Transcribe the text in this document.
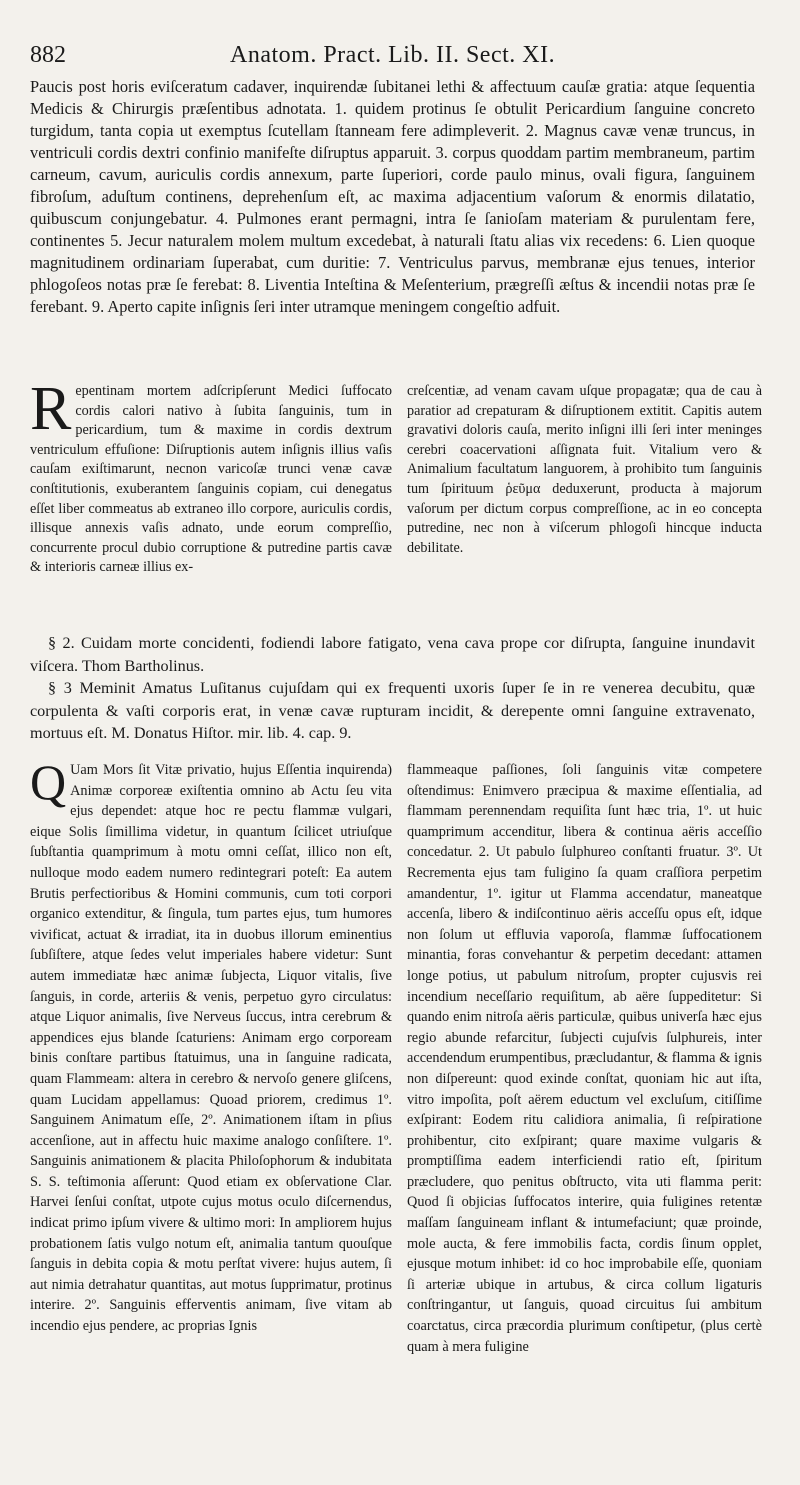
882	Anatom. Pract. Lib. II. Sect. XI.

Paucis post horis eviſceratum cadaver, inquirendæ ſubitanei lethi & affectuum cauſæ gratia: atque ſequentia Medicis & Chirurgis præſentibus adnotata. 1. quidem protinus ſe obtulit Pericardium ſanguine concreto turgidum, tanta copia ut exemptus ſcutellam ſtanneam fere adimpleverit. 2. Magnus cavæ venæ truncus, in ventriculi cordis dextri confinio manifeſte diſruptus apparuit. 3. corpus quoddam partim membraneum, partim carneum, cavum, auriculis cordis annexum, parte ſuperiori, corde paulo minus, ovali figura, ſanguinem fibroſum, aduſtum continens, deprehenſum eſt, ac maxima adjacentium vaſorum & enormis dilatatio, quibuscum conjungebatur. 4. Pulmones erant permagni, intra ſe ſanioſam materiam & purulentam fere, continentes 5. Jecur naturalem molem multum excedebat, à naturali ſtatu alias vix recedens: 6. Lien quoque magnitudinem ordinariam ſuperabat, cum duritie: 7. Ventriculus parvus, membranæ ejus tenues, interior phlogoſeos notas præ ſe ferebat: 8. Liventia Inteſtina & Meſenterium, prægreſſi æſtus & incendii notas præ ſe ferebant. 9. Aperto capite inſignis ſeri inter utramque meningem congeſtio adfuit.

Repentinam mortem adſcripſerunt Medici ſuffocato cordis calori nativo à ſubita ſanguinis, tum in pericardium, tum & maxime in cordis dextrum ventriculum effuſione: Diſruptionis autem inſignis illius vaſis cauſam exiſtimarunt, necnon varicoſæ trunci venæ cavæ conſtitutionis, exuberantem ſanguinis copiam, cui denegatus eſſet liber commeatus ab extraneo illo corpore, auriculis cordis, illisque annexis vaſis adnato, unde eorum compreſſio, concurrente procul dubio corruptione & putredine partis cavæ & interioris carneæ illius ex-
creſcentiæ, ad venam cavam uſque propagatæ; qua de cau à paratior ad crepaturam & diſruptionem extitit. Capitis autem gravativi doloris cauſa, merito inſigni illi ſeri inter meninges cerebri coacervationi aſſignata fuit. Vitalium vero & Animalium facultatum languorem, à prohibito tum ſanguinis tum ſpirituum ῥεῦμα deduxerunt, producta à majorum vaſorum per dictum corpus compreſſione, ac in eo concepta putredine, nec non à viſcerum phlogoſi hincque inducta debilitate.
§ 2. Cuidam morte concidenti, fodiendi labore fatigato, vena cava prope cor diſrupta, ſanguine inundavit viſcera. Thom Bartholinus.
§ 3 Meminit Amatus Luſitanus cujuſdam qui ex frequenti uxoris ſuper ſe in re venerea decubitu, quæ corpulenta & vaſti corporis erat, in venæ cavæ rupturam incidit, & derepente omni ſanguine extravenato, mortuus eſt. M. Donatus Hiſtor. mir. lib. 4. cap. 9.
Q Uam Mors ſit Vitæ privatio, hujus Eſſentia inquirenda) Animæ corporeæ exiſtentia omnino ab Actu ſeu vita ejus dependet: atque hoc re pectu flammæ vulgari, eique Solis ſimillima videtur, in quantum ſcilicet utriuſque ſubſtantia quamprimum à motu omni ceſſat, illico non eſt, nulloque modo eadem numero redintegrari poteſt: Ea autem Brutis perfectioribus & Homini communis, cum toti corpori organico extenditur, & ſingula, tum partes ejus, tum humores vivificat, actuat & irradiat, ita in duobus illorum eminentius ſubſiſtere, atque ſedes velut imperiales habere videtur: Sunt autem immediatæ hæc animæ ſubjecta, Liquor vitalis, ſive ſanguis, in corde, arteriis & venis, perpetuo gyro circulatus: atque Liquor animalis, ſive Nerveus ſuccus, intra cerebrum & appendices ejus blande ſcaturiens: Animam ergo corpoream binis conſtare partibus ſtatuimus, una in ſanguine radicata, quam Flammeam: altera in cerebro & nervoſo genere gliſcens, quam Lucidam appellamus: Quoad priorem, credimus 1º. Sanguinem Animatum eſſe, 2º. Animationem iſtam in pſius accenſione, aut in affectu huic maxime analogo conſiſtere. 1º. Sanguinis animationem & placita Philoſophorum & indubitata S. S. teſtimonia aſſerunt: Quod etiam ex obſervatione Clar. Harvei ſenſui conſtat, utpote cujus motus oculo diſcernendus, indicat primo ipſum vivere & ultimo mori: In ampliorem hujus probationem ſatis vulgo notum eſt, animalia tantum quouſque ſanguis in debita copia & motu perſtat vivere: hujus autem, ſi aut nimia detrahatur quantitas, aut motus ſupprimatur, protinus interire. 2º. Sanguinis efferventis animam, ſive vitam ab incendio ejus pendere, ac proprias Ignis
flammeaque paſſiones, ſoli ſanguinis vitæ competere oſtendimus: Enimvero præcipua & maxime eſſentialia, ad flammam perennendam requiſita ſunt hæc tria, 1º. ut huic quamprimum accenditur, libera & continua aëris acceſſio concedatur. 2. Ut pabulo ſulphureo conſtanti fruatur. 3º. Ut Recrementa ejus tam fuligino ſa quam craſſiora perpetim amandentur, 1º. igitur ut Flamma accendatur, maneatque accenſa, libero & indiſcontinuo aëris acceſſu opus eſt, idque non ſolum ut effluvia vaporoſa, flammæ ſuffocationem minantia, foras convehantur & perpetim decedant: attamen longe potius, ut pabulum nitroſum, propter cujusvis rei incendium neceſſario requiſitum, ab aëre ſuppeditetur: Si quando enim nitroſa aëris particulæ, quibus univerſa hæc ejus regio abunde refarcitur, ſubjecti cujuſvis ſulphureis, inter accendendum erumpentibus, præcludantur, & flamma & ignis non diſpereunt: quod exinde conſtat, quoniam hic aut iſta, vitro impoſita, poſt aërem eductum vel excluſum, citiſſime exſpirant: Eodem ritu calidiora animalia, ſi reſpiratione prohibentur, cito exſpirant; quare maxime vulgaris & promptiſſima eadem interficiendi ratio eſt, ſpiritum præcludere, quo penitus obſtructo, vita uti flamma perit: Quod ſi objicias ſuffocatos interire, quia fuligines retentæ maſſam ſanguineam inflant & intumefaciunt; quæ proinde, mole aucta, & fere immobilis facta, cordis ſinum opplet, ejusque motum inhibet: id co hoc improbabile eſſe, quoniam ſi arteriæ ubique in artubus, & circa collum ligaturis conſtringantur, ut ſanguis, quoad circuitus ſui ambitum coarctatus, circa præcordia plurimum conſtipetur, (plus certè quam à mera fuligine
